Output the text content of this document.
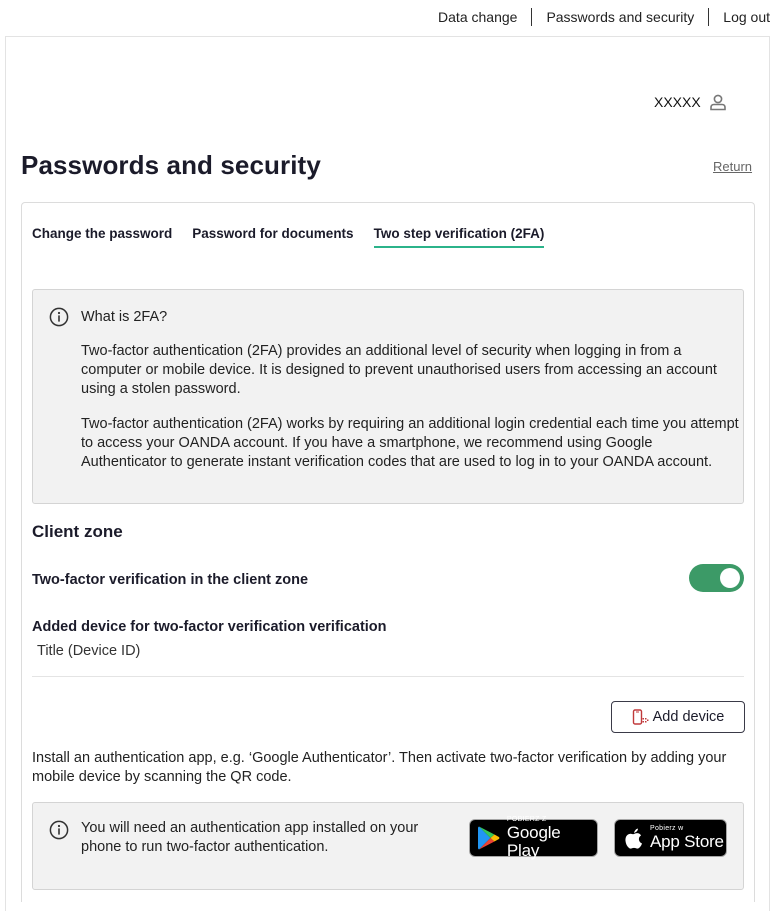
Data change Passwords and security Log out
XXXXX
Passwords and security	Return
Change the password Password for documents Two step verification (2FA)
What is 2FA?

Two-factor authentication (2FA) provides an additional level of security when logging in from a computer or mobile device. It is designed to prevent unauthorised users from accessing an account using a stolen password.

Two-factor authentication (2FA) works by requiring an additional login credential each time you attempt to access your OANDA account. If you have a smartphone, we recommend using Google Authenticator to generate instant verification codes that are used to log in to your OANDA account.

Client zone
Two-factor verification in the client zone
Added device for two-factor verification verification
Title (Device ID)
Add device

Install an authentication app, e.g. ‘Google Authenticator’. Then activate two-factor verification by adding your mobile device by scanning the QR code.

You will need an authentication app installed on your phone to run two-factor authentication.

POBIERZ Z
Google Play
Pobierz w
App Store
